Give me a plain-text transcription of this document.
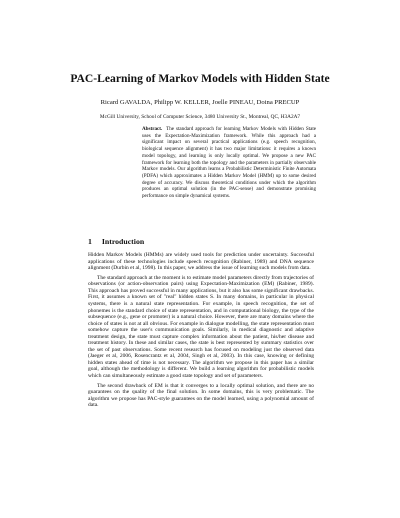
PAC-Learning of Markov Models with Hidden State
Ricard GAVALDA, Philipp W. KELLER, Joelle PINEAU, Doina PRECUP
McGill University, School of Computer Science, 3480 University St., Montreal, QC, H3A2A7
Abstract. The standard approach for learning Markov Models with Hidden State uses the Expectation-Maximization framework. While this approach had a significant impact on several practical applications (e.g. speech recognition, biological sequence alignment) it has two major limitations: it requires a known model topology, and learning is only locally optimal. We propose a new PAC framework for learning both the topology and the parameters in partially observable Markov models. Our algorithm learns a Probabilistic Deterministic Finite Automata (PDFA) which approximates a Hidden Markov Model (HMM) up to some desired degree of accuracy. We discuss theoretical conditions under which the algorithm produces an optimal solution (in the PAC-sense) and demonstrate promising performance on simple dynamical systems.
1 Introduction

Hidden Markov Models (HMMs) are widely used tools for prediction under uncertainty. Successful applications of these technologies include speech recognition (Rabiner, 1989) and DNA sequence alignment (Durbin et al, 1998). In this paper, we address the issue of learning such models from data.

The standard approach at the moment is to estimate model parameters directly from trajectories of observations (or action-observation pairs) using Expectation-Maximization (EM) (Rabiner, 1989). This approach has proved successful in many applications, but it also has some significant drawbacks. First, it assumes a known set of "real" hidden states S. In many domains, in particular in physical systems, there is a natural state representation. For example, in speech recognition, the set of phonemes is the standard choice of state representation, and in computational biology, the type of the subsequence (e.g., gene or promoter) is a natural choice. However, there are many domains where the choice of states is not at all obvious. For example in dialogue modelling, the state representation must somehow capture the user's communication goals. Similarly, in medical diagnostic and adaptive treatment design, the state must capture complex information about the patient, his/her disease and treatment history. In these and similar cases, the state is best represented by summary statistics over the set of past observations. Some recent research has focused on modeling just the observed data (Jaeger et al, 2006, Rosencrantz et al, 2004, Singh et al, 2003). In this case, knowing or defining hidden states ahead of time is not necessary. The algorithm we propose in this paper has a similar goal, although the methodology is different. We build a learning algorithm for probabilistic models which can simultaneously estimate a good state topology and set of parameters.

The second drawback of EM is that it converges to a locally optimal solution, and there are no guarantees on the quality of the final solution. In some domains, this is very problematic. The algorithm we propose has PAC-style guarantees on the model learned, using a polynomial amount of data.
